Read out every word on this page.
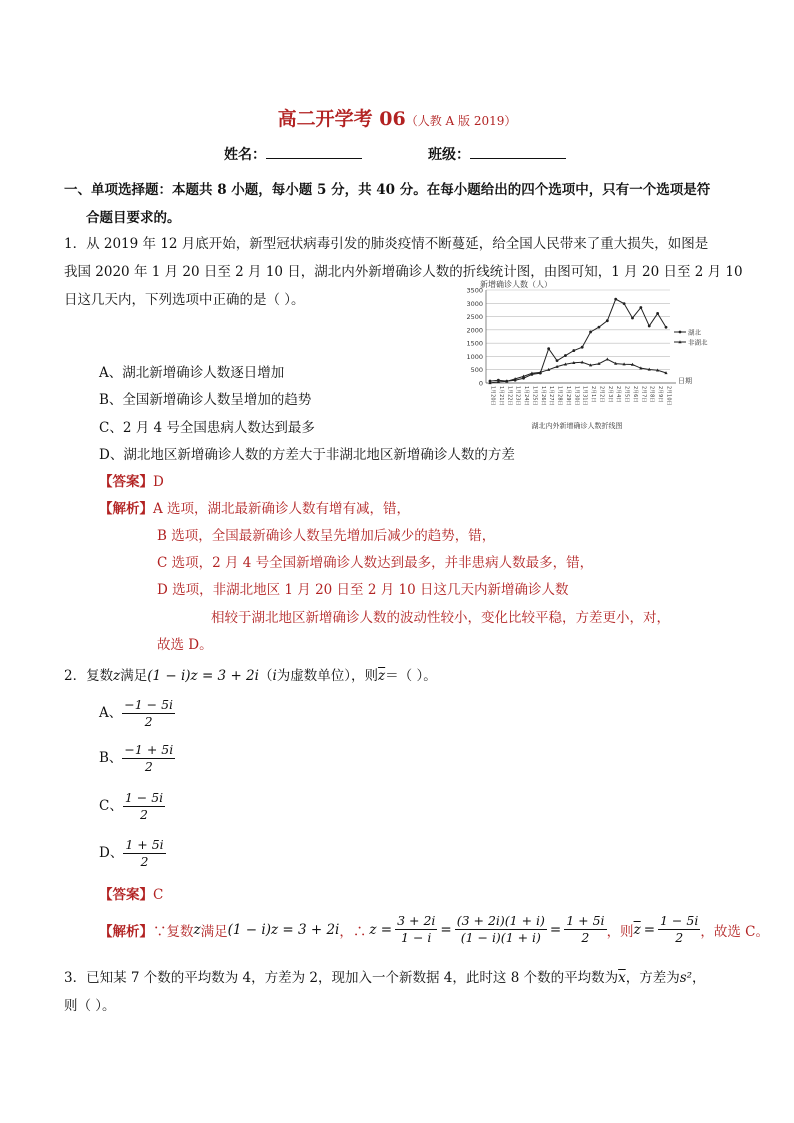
高二开学考 06（人教 A 版 2019）
姓名：	班级：
一、单项选择题：本题共 8 小题，每小题 5 分，共 40 分。在每小题给出的四个选项中，只有一个选项是符
合题目要求的。
1．从 2019 年 12 月底开始，新型冠状病毒引发的肺炎疫情不断蔓延，给全国人民带来了重大损失，如图是
我国 2020 年 1 月 20 日至 2 月 10 日，湖北内外新增确诊人数的折线统计图，由图可知，1 月 20 日至 2 月 10
日这几天内，下列选项中正确的是（ ）。
新增确诊人数（人）
0
500
1000
1500
2000
2500
3000
3500
1月20日 1月21日 1月22日 1月23日 1月24日 1月25日 1月26日 1月27日 1月28日 1月29日 1月30日 1月31日 2月1日 2月2日 2月3日 2月4日 2月5日 2月6日 2月7日 2月8日 2月9日 2月10日
日期
湖北
非湖北
湖北内外新增确诊人数折线图
A、湖北新增确诊人数逐日增加
B、全国新增确诊人数呈增加的趋势
C、2 月 4 号全国患病人数达到最多
D、湖北地区新增确诊人数的方差大于非湖北地区新增确诊人数的方差
【答案】D
【解析】A 选项，湖北最新确诊人数有增有减，错，
B 选项，全国最新确诊人数呈先增加后减少的趋势，错，
C 选项，2 月 4 号全国新增确诊人数达到最多，并非患病人数最多，错，
D 选项，非湖北地区 1 月 20 日至 2 月 10 日这几天内新增确诊人数
相较于湖北地区新增确诊人数的波动性较小，变化比较平稳，方差更小，对，
故选 D。
2．复数z满足(1 − i)z = 3 + 2i（i为虚数单位），则$\overline{z}=$（ ）。
A、 $\frac{-1 - 5i}{2}$
B、 $\frac{-1 + 5i}{2}$
C、 $\frac{1 - 5i}{2}$
D、 $\frac{1 + 5i}{2}$
【答案】C
【解析】 ∵复数 z 满足 (1 − i)z = 3 + 2i ，∴ $z = \frac{3 + 2i}{1 - i} = \frac{(3 + 2i)(1 + i)}{(1 - i)(1 + i)} = \frac{1 + 5i}{2}$ ，则 $\overline{z} = \frac{1 - 5i}{2}$ ，故选 C。
3．已知某 7 个数的平均数为 4，方差为 2，现加入一个新数据 4，此时这 8 个数的平均数为$\overline{x}$，方差为s²，
则（ ）。
